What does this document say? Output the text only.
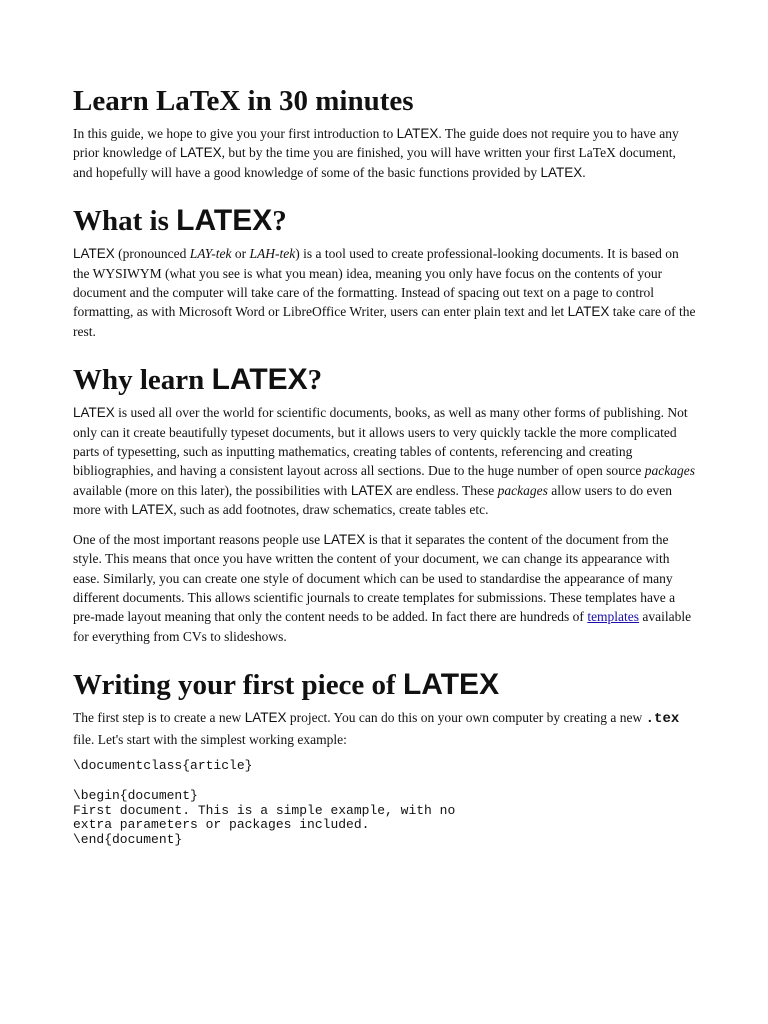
Learn LaTeX in 30 minutes

In this guide, we hope to give you your first introduction to LATEX. The guide does not require you to have any prior knowledge of LATEX, but by the time you are finished, you will have written your first LaTeX document, and hopefully will have a good knowledge of some of the basic functions provided by LATEX.

What is LATEX?

LATEX (pronounced LAY-tek or LAH-tek) is a tool used to create professional-looking documents. It is based on the WYSIWYM (what you see is what you mean) idea, meaning you only have focus on the contents of your document and the computer will take care of the formatting. Instead of spacing out text on a page to control formatting, as with Microsoft Word or LibreOffice Writer, users can enter plain text and let LATEX take care of the rest.

Why learn LATEX?

LATEX is used all over the world for scientific documents, books, as well as many other forms of publishing. Not only can it create beautifully typeset documents, but it allows users to very quickly tackle the more complicated parts of typesetting, such as inputting mathematics, creating tables of contents, referencing and creating bibliographies, and having a consistent layout across all sections. Due to the huge number of open source packages available (more on this later), the possibilities with LATEX are endless. These packages allow users to do even more with LATEX, such as add footnotes, draw schematics, create tables etc.

One of the most important reasons people use LATEX is that it separates the content of the document from the style. This means that once you have written the content of your document, we can change its appearance with ease. Similarly, you can create one style of document which can be used to standardise the appearance of many different documents. This allows scientific journals to create templates for submissions. These templates have a pre-made layout meaning that only the content needs to be added. In fact there are hundreds of templates available for everything from CVs to slideshows.

Writing your first piece of LATEX

The first step is to create a new LATEX project. You can do this on your own computer by creating a new .tex file. Let's start with the simplest working example:

\documentclass{article}
\begin{document}
First document. This is a simple example, with no
extra parameters or packages included.
\end{document}
